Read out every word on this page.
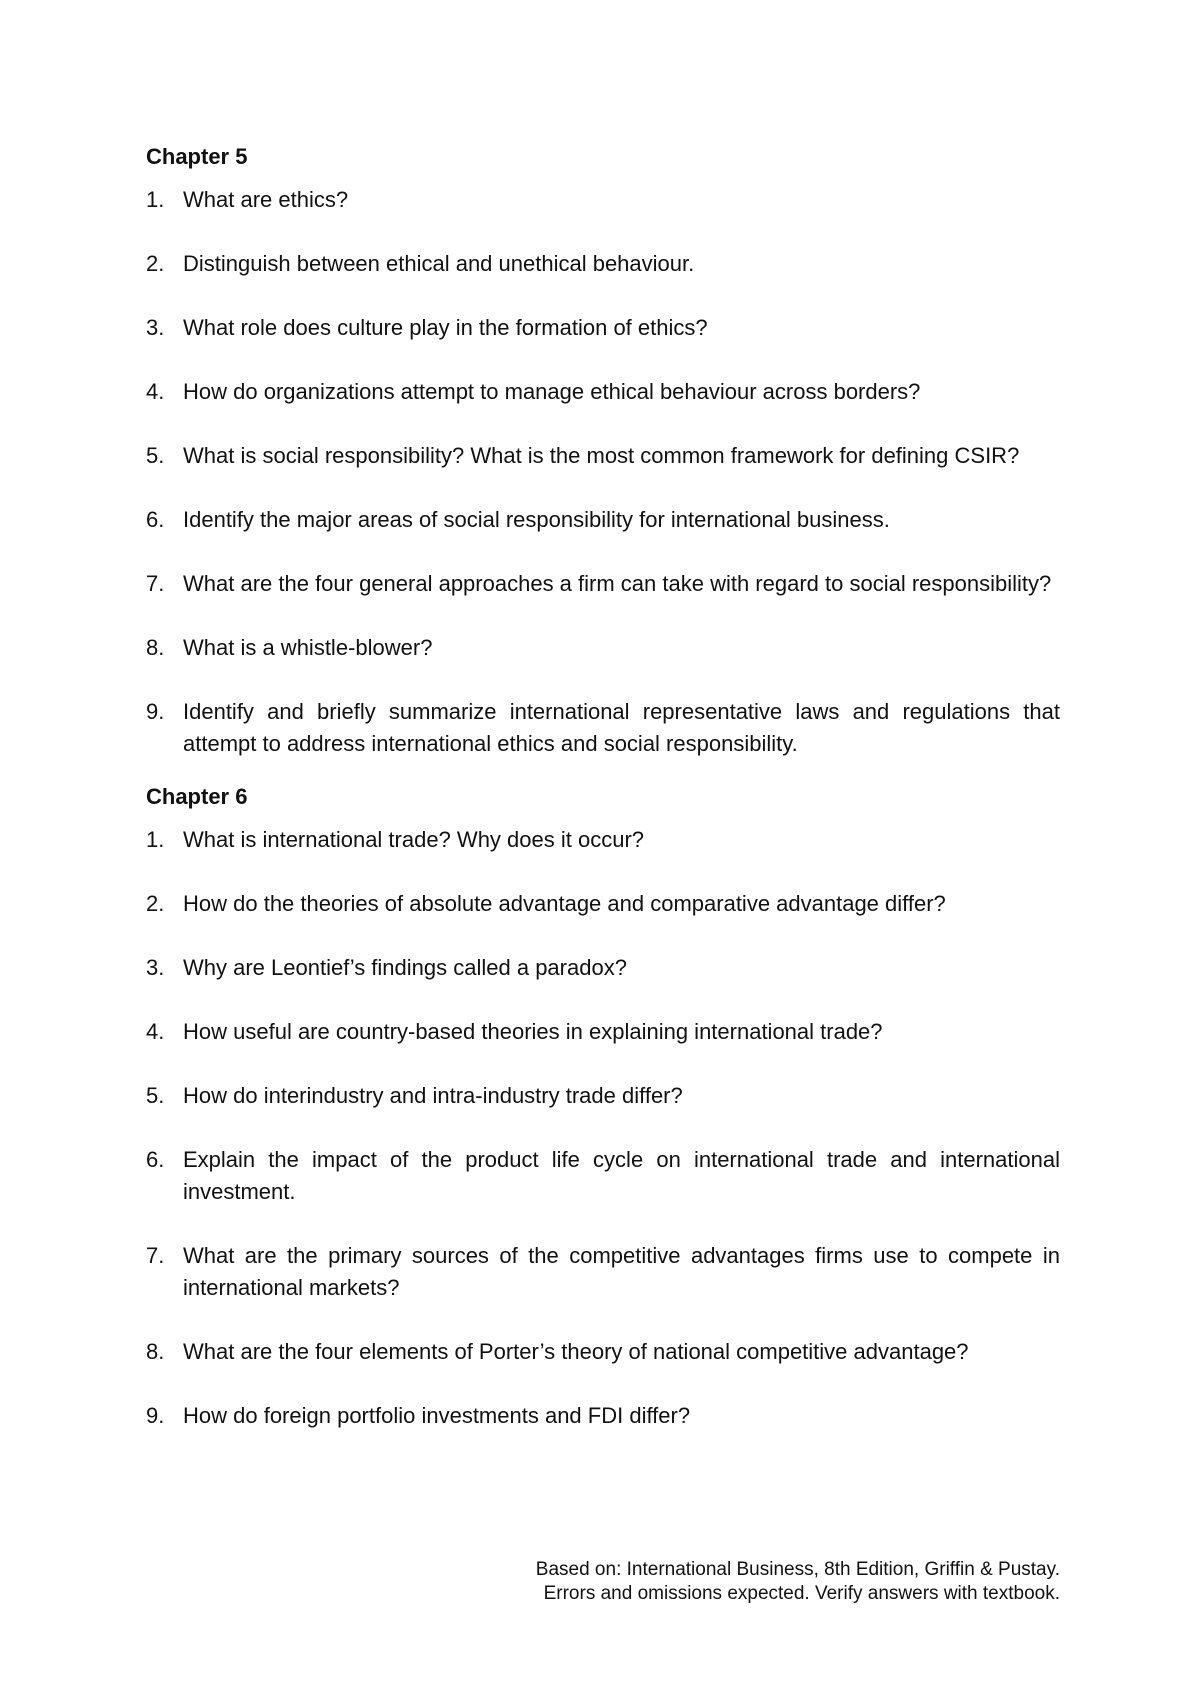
Chapter 5
1. What are ethics?
2. Distinguish between ethical and unethical behaviour.
3. What role does culture play in the formation of ethics?
4. How do organizations attempt to manage ethical behaviour across borders?
5. What is social responsibility? What is the most common framework for defining CSIR?
6. Identify the major areas of social responsibility for international business.
7. What are the four general approaches a firm can take with regard to social responsibility?
8. What is a whistle-blower?
9. Identify and briefly summarize international representative laws and regulations that attempt to address international ethics and social responsibility.
Chapter 6
1. What is international trade? Why does it occur?
2. How do the theories of absolute advantage and comparative advantage differ?
3. Why are Leontief’s findings called a paradox?
4. How useful are country-based theories in explaining international trade?
5. How do interindustry and intra-industry trade differ?
6. Explain the impact of the product life cycle on international trade and international investment.
7. What are the primary sources of the competitive advantages firms use to compete in international markets?
8. What are the four elements of Porter’s theory of national competitive advantage?
9. How do foreign portfolio investments and FDI differ?
Based on: International Business, 8th Edition, Griffin & Pustay.
Errors and omissions expected. Verify answers with textbook.
